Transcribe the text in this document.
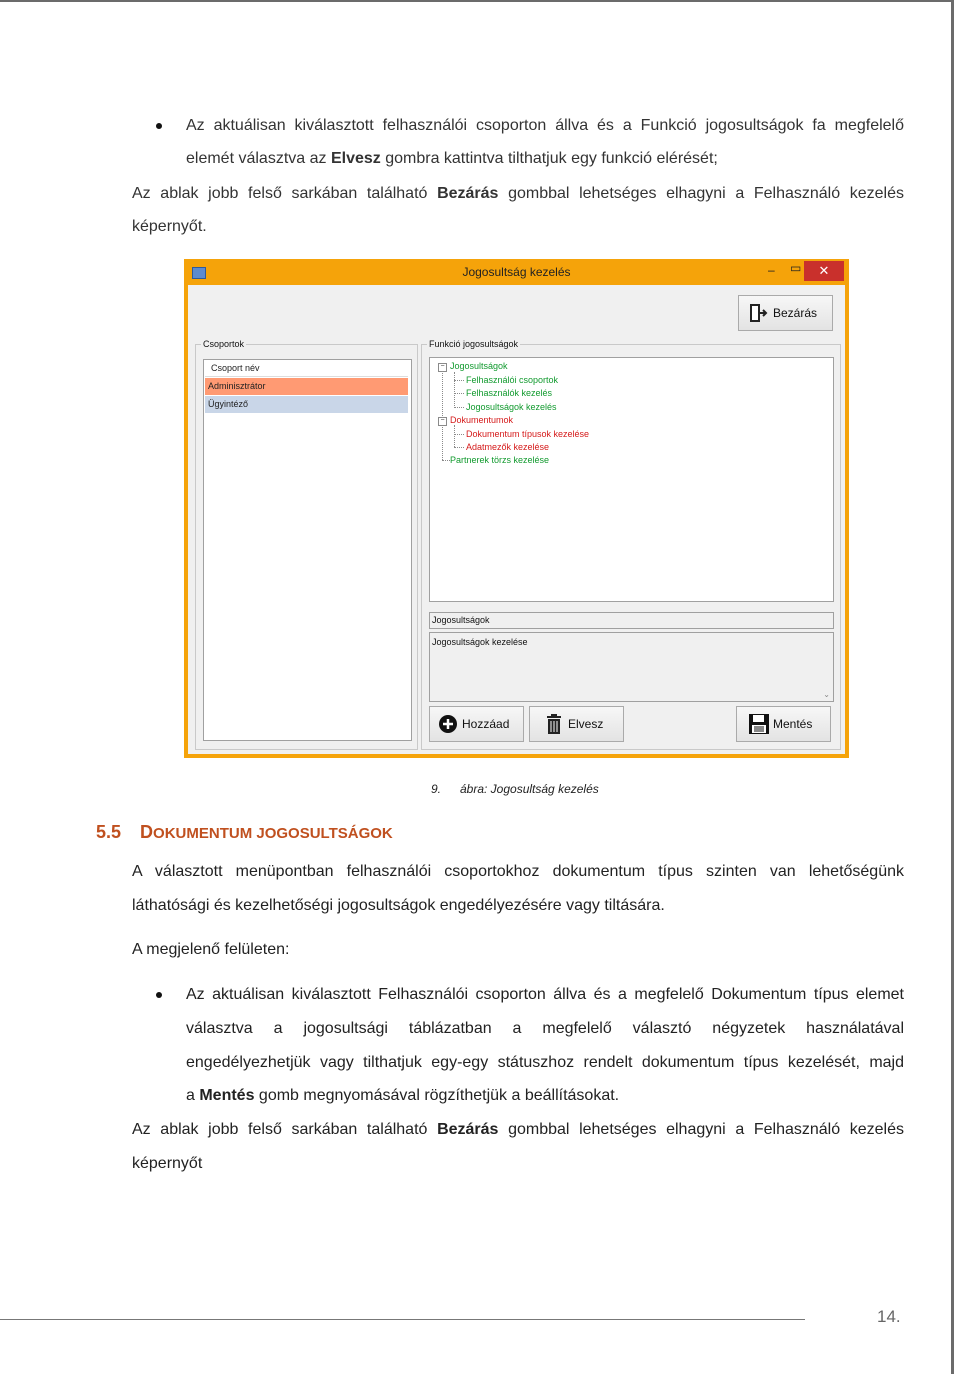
Az aktuálisan kiválasztott felhasználói csoporton állva és a Funkció jogosultságok fa megfelelő
elemét választva az Elvesz gombra kattintva tilthatjuk egy funkció elérését;
Az ablak jobb felső sarkában található Bezárás gombbal lehetséges elhagyni a Felhasználó kezelés
képernyőt.
Jogosultság kezelés	– ▭	✕
Bezárás
Csoportok
Csoport név
Adminisztrátor
Ügyintéző
Funkció jogosultságok
− Jogosultságok
Felhasználói csoportok
Felhasználók kezelés
Jogosultságok kezelés
− Dokumentumok
Dokumentum típusok kezelése
Adatmezők kezelése
Partnerek törzs kezelése
Jogosultságok
Jogosultságok kezelése
⌄
Hozzáad	Elvesz	Mentés
9. ábra: Jogosultság kezelés
5.5 DOKUMENTUM JOGOSULTSÁGOK
A választott menüpontban felhasználói csoportokhoz dokumentum típus szinten van lehetőségünk
láthatósági és kezelhetőségi jogosultságok engedélyezésére vagy tiltására.
A megjelenő felületen:
Az aktuálisan kiválasztott Felhasználói csoporton állva és a megfelelő Dokumentum típus elemet
választva a jogosultsági táblázatban a megfelelő választó négyzetek használatával
engedélyezhetjük vagy tilthatjuk egy-egy státuszhoz rendelt dokumentum típus kezelését, majd
a Mentés gomb megnyomásával rögzíthetjük a beállításokat.
Az ablak jobb felső sarkában található Bezárás gombbal lehetséges elhagyni a Felhasználó kezelés
képernyőt
14.
